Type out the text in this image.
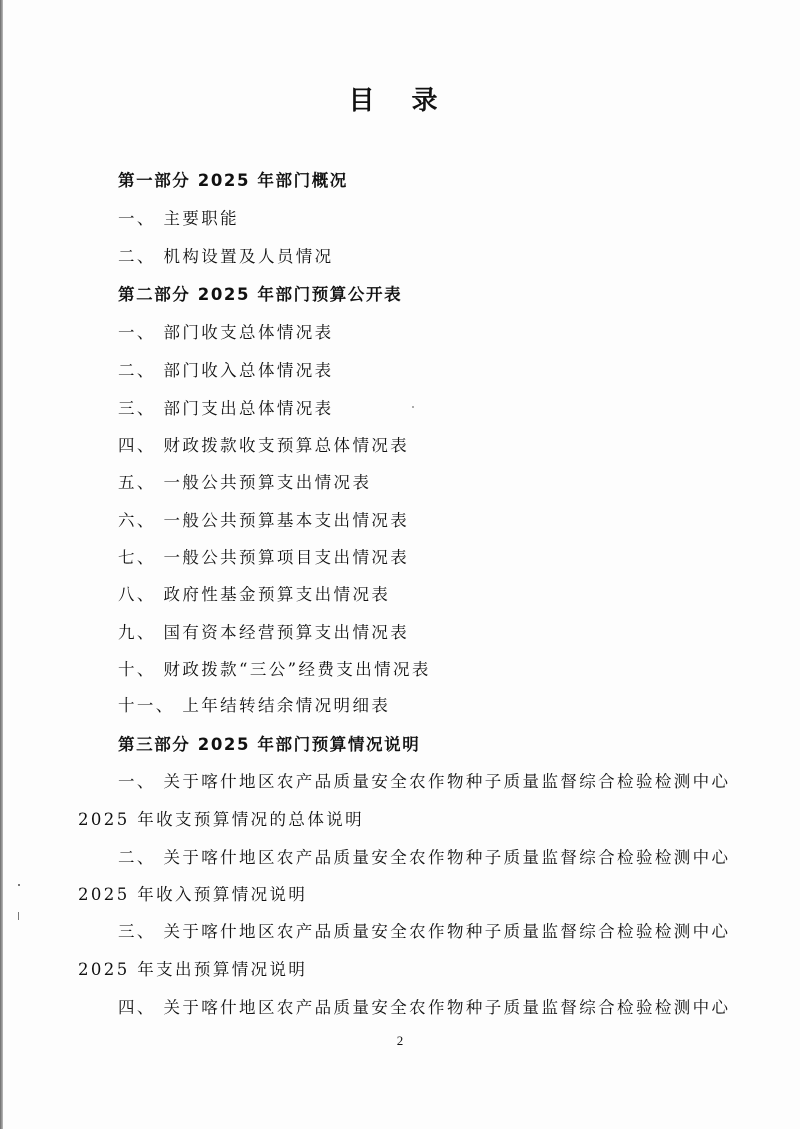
目 录
第一部分 2025 年部门概况
一、 主要职能
二、 机构设置及人员情况
第二部分 2025 年部门预算公开表
一、 部门收支总体情况表
二、 部门收入总体情况表
三、 部门支出总体情况表
四、 财政拨款收支预算总体情况表
五、 一般公共预算支出情况表
六、 一般公共预算基本支出情况表
七、 一般公共预算项目支出情况表
八、 政府性基金预算支出情况表
九、 国有资本经营预算支出情况表
十、 财政拨款“三公”经费支出情况表
十一、 上年结转结余情况明细表
第三部分 2025 年部门预算情况说明
一、 关于喀什地区农产品质量安全农作物种子质量监督综合检验检测中心
2025 年收支预算情况的总体说明
二、 关于喀什地区农产品质量安全农作物种子质量监督综合检验检测中心
2025 年收入预算情况说明
三、 关于喀什地区农产品质量安全农作物种子质量监督综合检验检测中心
2025 年支出预算情况说明
四、 关于喀什地区农产品质量安全农作物种子质量监督综合检验检测中心
2
